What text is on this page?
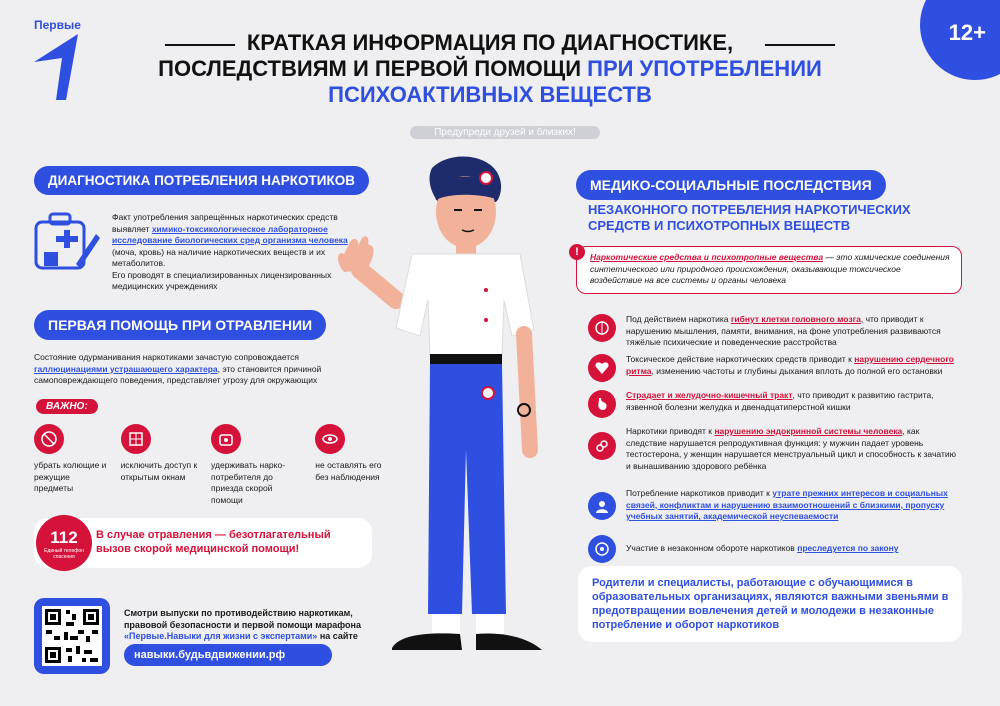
Первые	12+
КРАТКАЯ ИНФОРМАЦИЯ ПО ДИАГНОСТИКЕ,
ПОСЛЕДСТВИЯМ И ПЕРВОЙ ПОМОЩИ ПРИ УПОТРЕБЛЕНИИ
ПСИХОАКТИВНЫХ ВЕЩЕСТВ
Предупреди друзей и близких!
ДИАГНОСТИКА ПОТРЕБЛЕНИЯ НАРКОТИКОВ
Факт употребления запрещённых наркотических средств выявляет химико-токсикологическое лабораторное исследование биологических сред организма человека (моча, кровь) на наличие наркотических веществ и их метаболитов.
Его проводят в специализированных лицензированных медицинских учреждениях
ПЕРВАЯ ПОМОЩЬ ПРИ ОТРАВЛЕНИИ
Состояние одурманивания наркотиками зачастую сопровождается галлюцинациями устрашающего характера, это становится причиной самоповреждающего поведения, представляет угрозу для окружающих
ВАЖНО:
убрать колющие и режущие предметы
исключить доступ к открытым окнам
удерживать нарко-потребителя до приезда скорой помощи
не оставлять его без наблюдения
112
Единый телефон спасения
В случае отравления — безотлагательный вызов скорой медицинской помощи!
Смотри выпуски по противодействию наркотикам, правовой безопасности и первой помощи марафона «Первые.Навыки для жизни с экспертами» на сайте
навыки.будьвдвижении.рф
МЕДИКО-СОЦИАЛЬНЫЕ ПОСЛЕДСТВИЯ
НЕЗАКОННОГО ПОТРЕБЛЕНИЯ НАРКОТИЧЕСКИХ СРЕДСТВ И ПСИХОТРОПНЫХ ВЕЩЕСТВ
!	Наркотические средства и психотропные вещества — это химические соединения синтетического или природного происхождения, оказывающие токсическое воздействие на все системы и органы человека
Под действием наркотика гибнут клетки головного мозга, что приводит к нарушению мышления, памяти, внимания, на фоне употребления развиваются тяжёлые психические и поведенческие расстройства
Токсическое действие наркотических средств приводит к нарушению сердечного ритма, изменению частоты и глубины дыхания вплоть до полной его остановки
Страдает и желудочно-кишечный тракт, что приводит к развитию гастрита, язвенной болезни желудка и двенадцатиперстной кишки
Наркотики приводят к нарушению эндокринной системы человека, как следствие нарушается репродуктивная функция: у мужчин падает уровень тестостерона, у женщин нарушается менструальный цикл и способность к зачатию и вынашиванию здорового ребёнка
Потребление наркотиков приводит к утрате прежних интересов и социальных связей, конфликтам и нарушению взаимоотношений с близкими, пропуску учебных занятий, академической неуспеваемости
Участие в незаконном обороте наркотиков преследуется по закону
Родители и специалисты, работающие с обучающимися в образовательных организациях, являются важными звеньями в предотвращении вовлечения детей и молодежи в незаконные потребление и оборот наркотиков
